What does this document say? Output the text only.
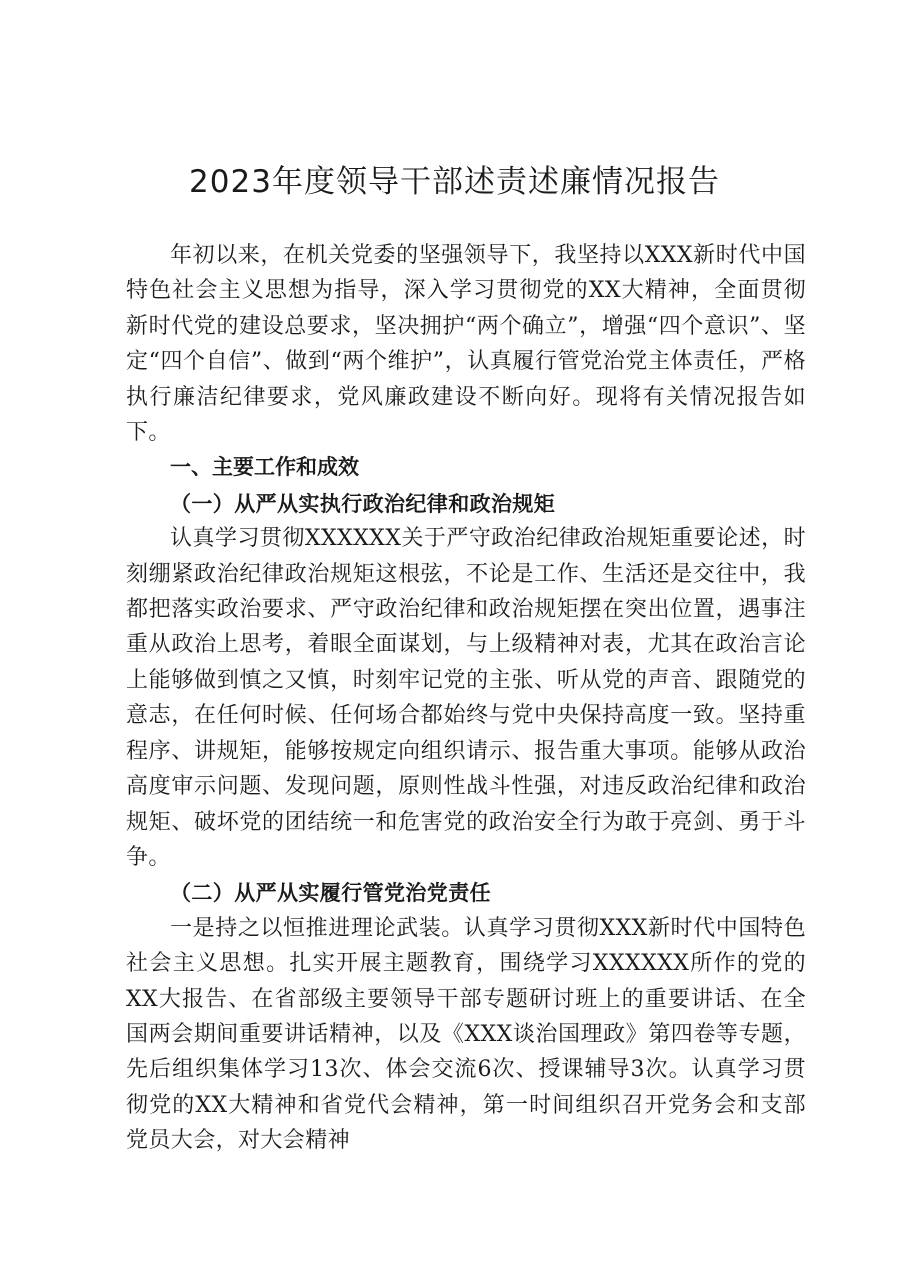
2023年度领导干部述责述廉情况报告

年初以来，在机关党委的坚强领导下，我坚持以XXX新时代中国特色社会主义思想为指导，深入学习贯彻党的XX大精神，全面贯彻新时代党的建设总要求，坚决拥护“两个确立”，增强“四个意识”、坚定“四个自信”、做到“两个维护”，认真履行管党治党主体责任，严格执行廉洁纪律要求，党风廉政建设不断向好。现将有关情况报告如下。

一、主要工作和成效

（一）从严从实执行政治纪律和政治规矩

认真学习贯彻XXXXXX关于严守政治纪律政治规矩重要论述，时刻绷紧政治纪律政治规矩这根弦，不论是工作、生活还是交往中，我都把落实政治要求、严守政治纪律和政治规矩摆在突出位置，遇事注重从政治上思考，着眼全面谋划，与上级精神对表，尤其在政治言论上能够做到慎之又慎，时刻牢记党的主张、听从党的声音、跟随党的意志，在任何时候、任何场合都始终与党中央保持高度一致。坚持重程序、讲规矩，能够按规定向组织请示、报告重大事项。能够从政治高度审示问题、发现问题，原则性战斗性强，对违反政治纪律和政治规矩、破坏党的团结统一和危害党的政治安全行为敢于亮剑、勇于斗争。

（二）从严从实履行管党治党责任

一是持之以恒推进理论武装。认真学习贯彻XXX新时代中国特色社会主义思想。扎实开展主题教育，围绕学习XXXXXX所作的党的XX大报告、在省部级主要领导干部专题研讨班上的重要讲话、在全国两会期间重要讲话精神，以及《XXX谈治国理政》第四卷等专题，先后组织集体学习13次、体会交流6次、授课辅导3次。认真学习贯彻党的XX大精神和省党代会精神，第一时间组织召开党务会和支部党员大会，对大会精神
